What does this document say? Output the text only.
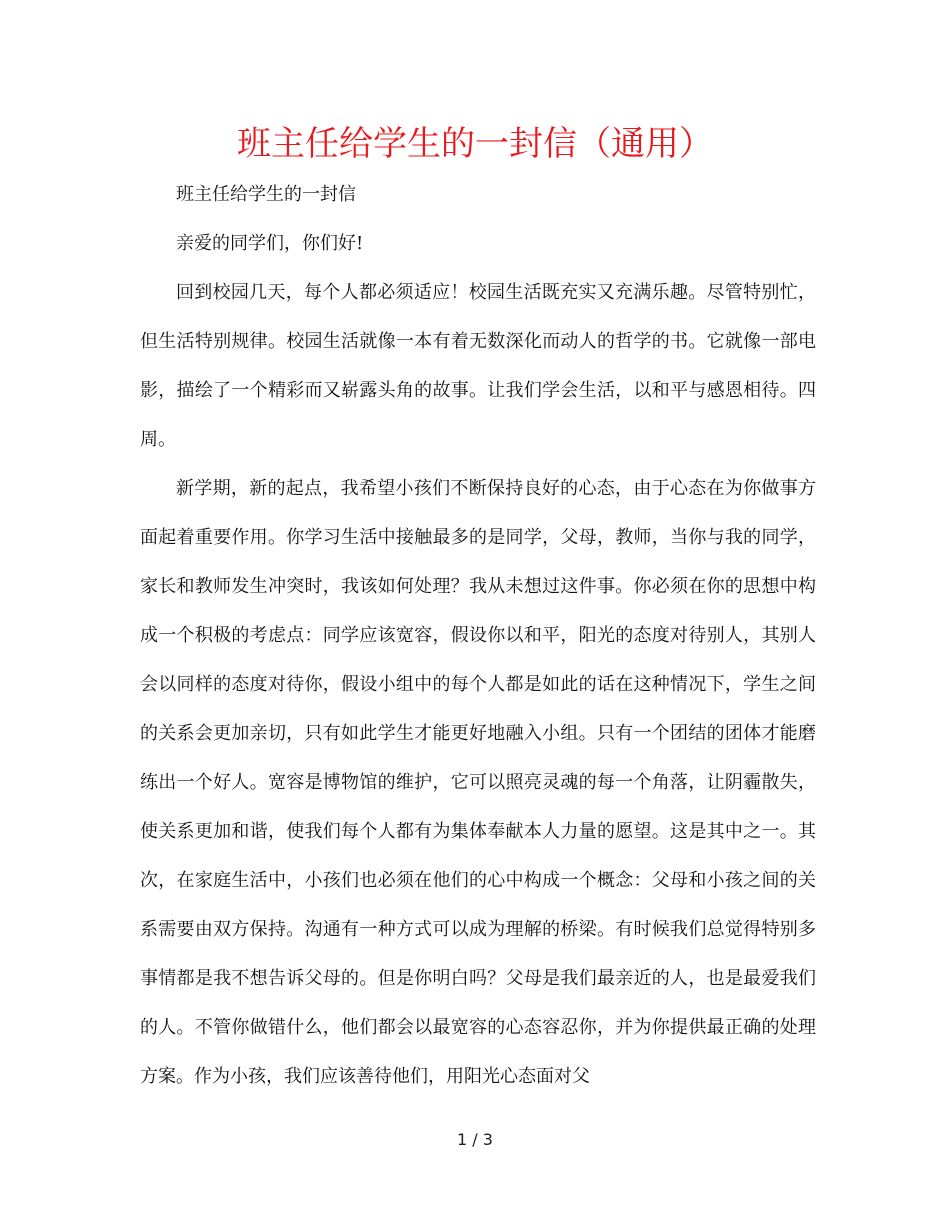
班主任给学生的一封信（通用）

班主任给学生的一封信

亲爱的同学们，你们好!

回到校园几天，每个人都必须适应！校园生活既充实又充满乐趣。尽管特别忙，但生活特别规律。校园生活就像一本有着无数深化而动人的哲学的书。它就像一部电影，描绘了一个精彩而又崭露头角的故事。让我们学会生活，以和平与感恩相待。四周。

新学期，新的起点，我希望小孩们不断保持良好的心态，由于心态在为你做事方面起着重要作用。你学习生活中接触最多的是同学，父母，教师，当你与我的同学，家长和教师发生冲突时，我该如何处理？我从未想过这件事。你必须在你的思想中构成一个积极的考虑点：同学应该宽容，假设你以和平，阳光的态度对待别人，其别人会以同样的态度对待你，假设小组中的每个人都是如此的话在这种情况下，学生之间的关系会更加亲切，只有如此学生才能更好地融入小组。只有一个团结的团体才能磨练出一个好人。宽容是博物馆的维护，它可以照亮灵魂的每一个角落，让阴霾散失，使关系更加和谐，使我们每个人都有为集体奉献本人力量的愿望。这是其中之一。其次，在家庭生活中，小孩们也必须在他们的心中构成一个概念：父母和小孩之间的关系需要由双方保持。沟通有一种方式可以成为理解的桥梁。有时候我们总觉得特别多事情都是我不想告诉父母的。但是你明白吗？父母是我们最亲近的人，也是最爱我们的人。不管你做错什么，他们都会以最宽容的心态容忍你，并为你提供最正确的处理方案。作为小孩，我们应该善待他们，用阳光心态面对父

1 / 3
